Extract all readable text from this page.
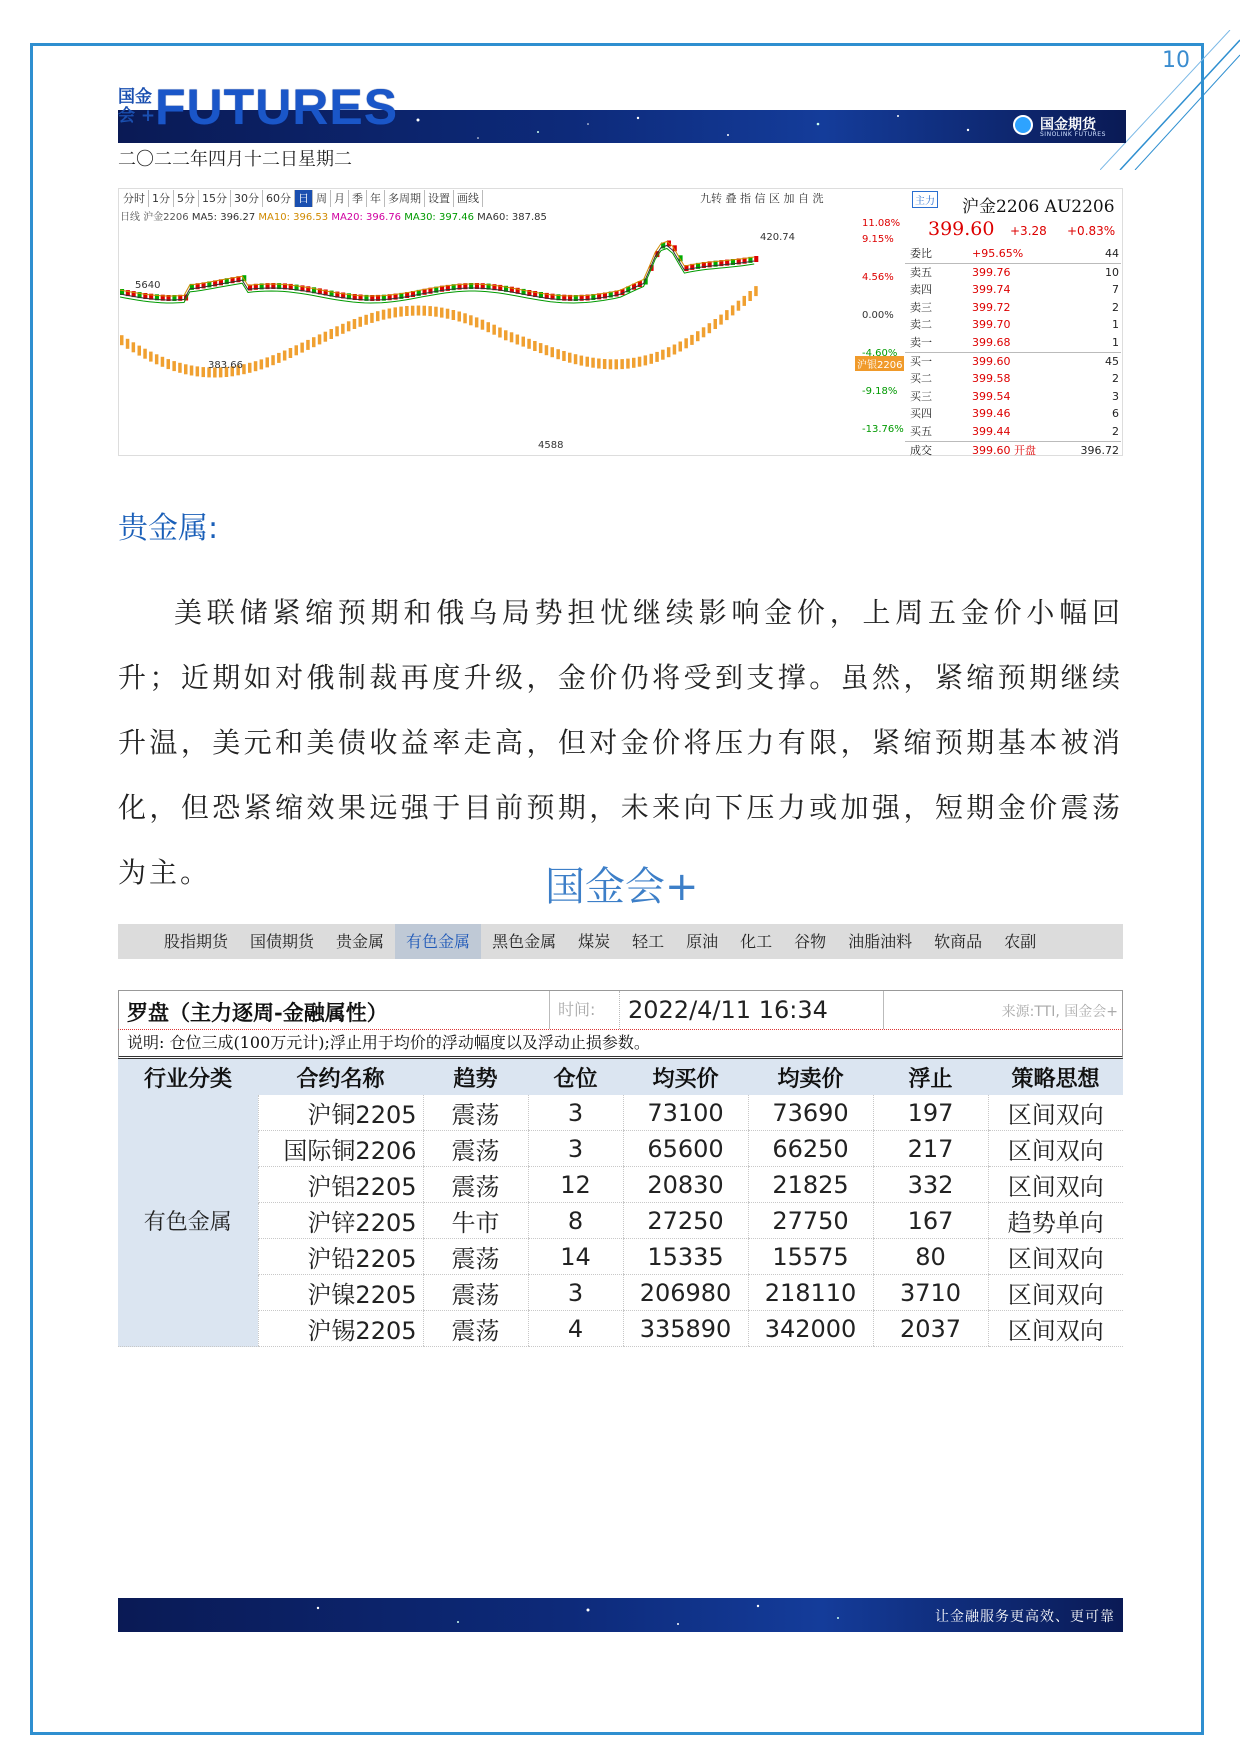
10
国金
会 + FUTURES	国金期货
SINOLINK FUTURES
二〇二二年四月十二日星期二
分时 1分 5分 15分 30分 60分 日 周 月 季 年 多周期 设置 画线	九转 叠 指 信 区 加 自 洗
日线 沪金2206 MA5: 396.27 MA10: 396.53 MA20: 396.76 MA30: 397.46 MA60: 387.85
420.74
5640
383.66
4588
沪银2206
11.08%
9.15%
4.56%
0.00%
-4.60%
-9.18%
-13.76%
主力 沪金2206 AU2206
399.60 +3.28 +0.83%
委比	+95.65%	44
卖五	399.76	10
卖四	399.74	7
卖三	399.72	2
卖二	399.70	1
卖一	399.68	1
买一	399.60	45
买二	399.58	2
买三	399.54	3
买四	399.46	6
买五	399.44	2
成交	399.60 开盘	396.72
贵金属:

美联储紧缩预期和俄乌局势担忧继续影响金价，上周五金价小幅回升；近期如对俄制裁再度升级，金价仍将受到支撑。虽然，紧缩预期继续升温，美元和美债收益率走高，但对金价将压力有限，紧缩预期基本被消化，但恐紧缩效果远强于目前预期，未来向下压力或加强，短期金价震荡为主。	国金会+
股指期货	国债期货	贵金属	有色金属	黑色金属	煤炭	轻工	原油	化工	谷物	油脂油料	软商品	农副
罗盘（主力逐周-金融属性）	时间:	2022/4/11 16:34	来源:TTI, 国金会+
说明: 仓位三成(100万元计);浮止用于均价的浮动幅度以及浮动止损参数。
行业分类	合约名称	趋势	仓位	均买价	均卖价	浮止	策略思想
有色金属	沪铜2205	震荡	3	73100	73690	197	区间双向
	国际铜2206	震荡	3	65600	66250	217	区间双向
	沪铝2205	震荡	12	20830	21825	332	区间双向
	沪锌2205	牛市	8	27250	27750	167	趋势单向
	沪铅2205	震荡	14	15335	15575	80	区间双向
	沪镍2205	震荡	3	206980	218110	3710	区间双向
	沪锡2205	震荡	4	335890	342000	2037	区间双向
让金融服务更高效、更可靠
